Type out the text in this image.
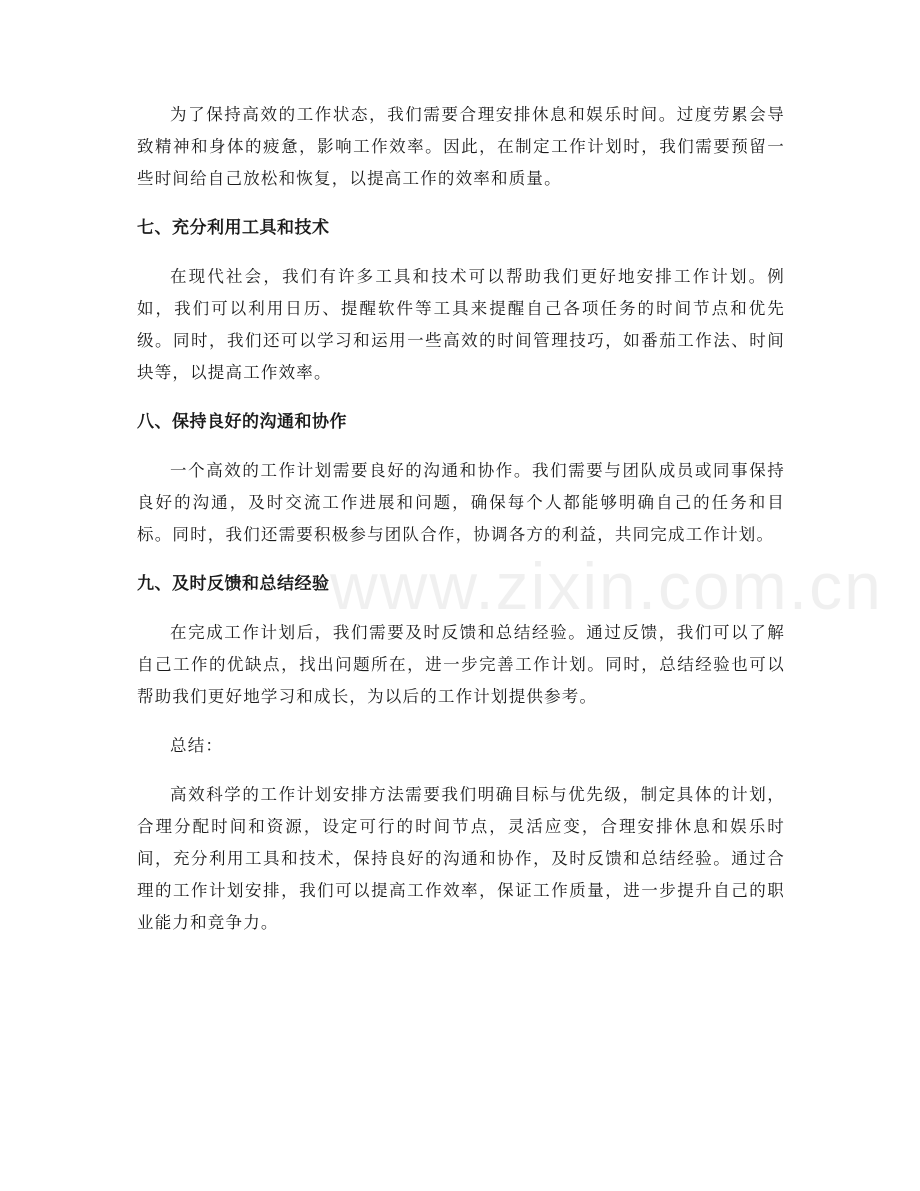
www.zixin.com.cn

为了保持高效的工作状态，我们需要合理安排休息和娱乐时间。过度劳累会导致精神和身体的疲惫，影响工作效率。因此，在制定工作计划时，我们需要预留一些时间给自己放松和恢复，以提高工作的效率和质量。

七、充分利用工具和技术

在现代社会，我们有许多工具和技术可以帮助我们更好地安排工作计划。例如，我们可以利用日历、提醒软件等工具来提醒自己各项任务的时间节点和优先级。同时，我们还可以学习和运用一些高效的时间管理技巧，如番茄工作法、时间块等，以提高工作效率。

八、保持良好的沟通和协作

一个高效的工作计划需要良好的沟通和协作。我们需要与团队成员或同事保持良好的沟通，及时交流工作进展和问题，确保每个人都能够明确自己的任务和目标。同时，我们还需要积极参与团队合作，协调各方的利益，共同完成工作计划。

九、及时反馈和总结经验

在完成工作计划后，我们需要及时反馈和总结经验。通过反馈，我们可以了解自己工作的优缺点，找出问题所在，进一步完善工作计划。同时，总结经验也可以帮助我们更好地学习和成长，为以后的工作计划提供参考。

总结：

高效科学的工作计划安排方法需要我们明确目标与优先级，制定具体的计划，合理分配时间和资源，设定可行的时间节点，灵活应变，合理安排休息和娱乐时间，充分利用工具和技术，保持良好的沟通和协作，及时反馈和总结经验。通过合理的工作计划安排，我们可以提高工作效率，保证工作质量，进一步提升自己的职业能力和竞争力。
